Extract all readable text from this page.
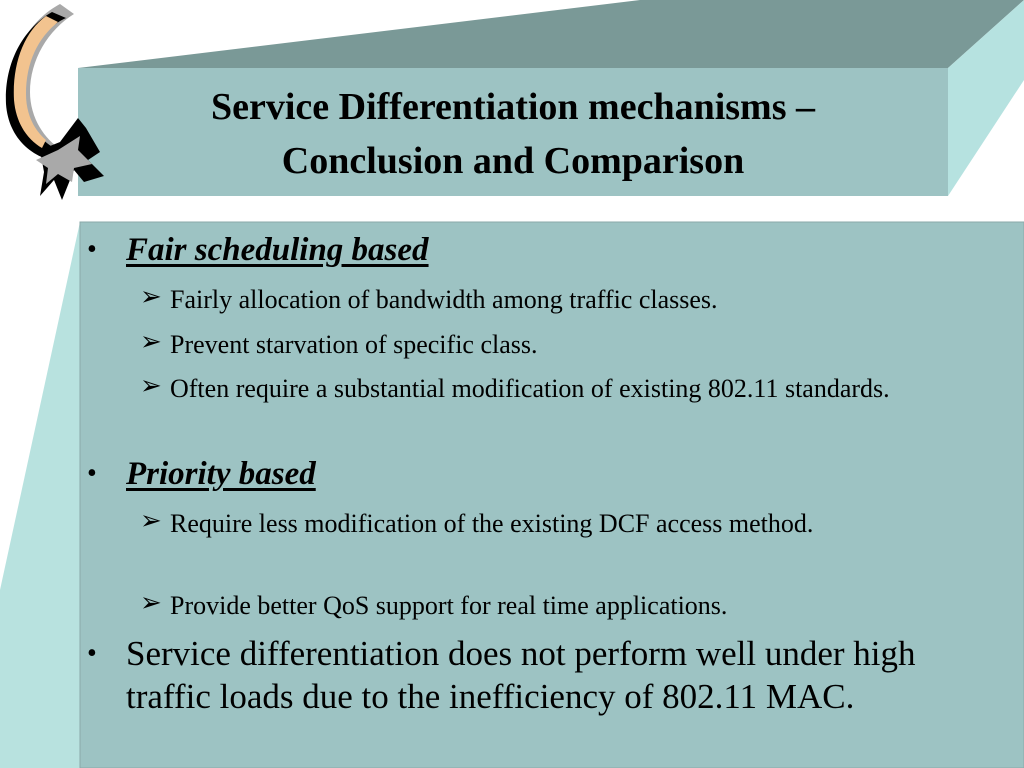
Service Differentiation mechanisms –
Conclusion and Comparison
• Fair scheduling based
➢ Fairly allocation of bandwidth among traffic classes.
➢ Prevent starvation of specific class.
➢ Often require a substantial modification of existing 802.11 standards.
• Priority based
➢ Require less modification of the existing DCF access method.
➢ Provide better QoS support for real time applications.
• Service differentiation does not perform well under high traffic loads due to the inefficiency of 802.11 MAC.
